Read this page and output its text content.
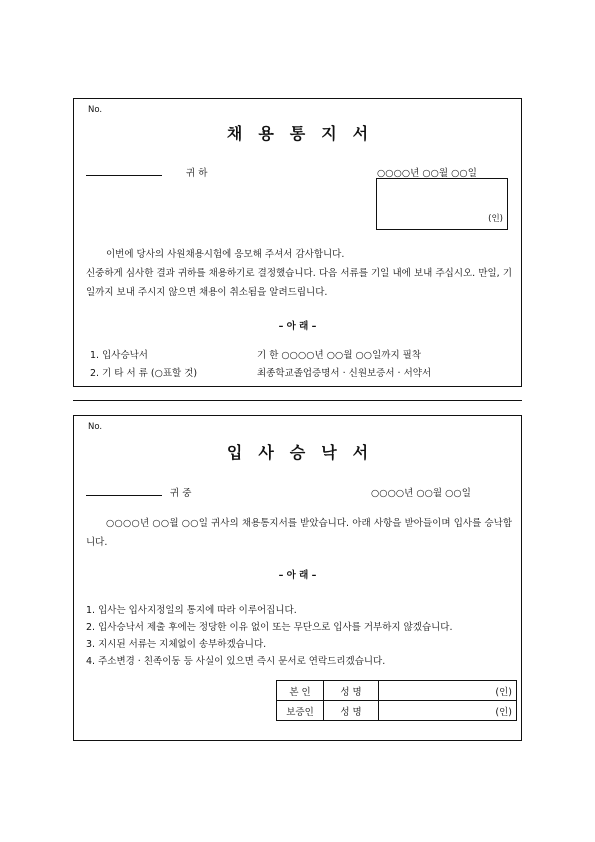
No.
채용통지서
귀 하	○○○○년 ○○월 ○○일
(인)
이번에 당사의 사원채용시험에 응모해 주셔서 감사합니다.
신중하게 심사한 결과 귀하를 채용하기로 결정했습니다. 다음 서류를 기일 내에 보내 주십시오. 만일, 기일까지 보내 주시지 않으면 채용이 취소됨을 알려드립니다.
– 아 래 –
1. 입사승낙서	기 한 ○○○○년 ○○월 ○○일까지 필착
2. 기 타 서 류 (○표할 것)	최종학교졸업증명서 · 신원보증서 · 서약서
No.
입사승낙서
귀 중	○○○○년 ○○월 ○○일
○○○○년 ○○월 ○○일 귀사의 채용통지서를 받았습니다. 아래 사항을 받아들이며 입사를 승낙합니다.
– 아 래 –
1. 입사는 입사지정일의 통지에 따라 이루어집니다.
2. 입사승낙서 제출 후에는 정당한 이유 없이 또는 무단으로 입사를 거부하지 않겠습니다.
3. 지시된 서류는 지체없이 송부하겠습니다.
4. 주소변경 · 친족이동 등 사실이 있으면 즉시 문서로 연락드리겠습니다.
본 인	성 명	(인)
보증인	성 명	(인)
